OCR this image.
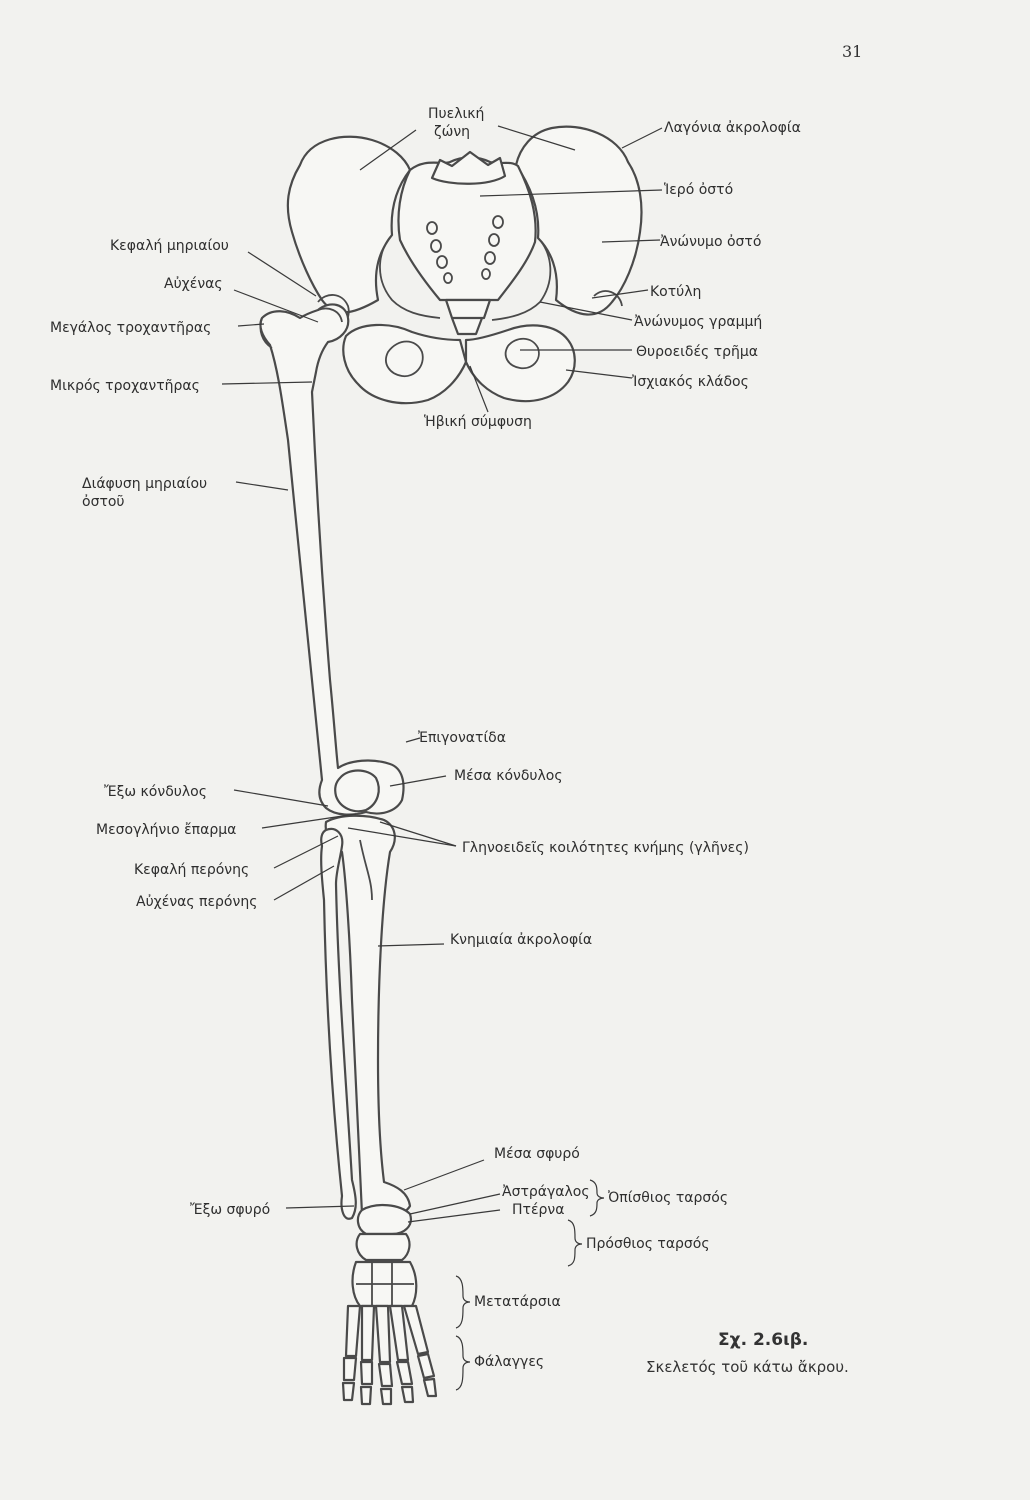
31
Πυελική
ζώνη	Λαγόνια ἀκρολοφία
Ἱερό ὀστό
Ἀνώνυμο ὀστό
Κοτύλη
Ἀνώνυμος γραμμή
Θυροειδές τρῆμα
Ἰσχιακός κλάδος
Ἡβική σύμφυση
Κεφαλή μηριαίου
Αὐχένας
Μεγάλος τροχαντῆρας
Μικρός τροχαντῆρας
Διάφυση μηριαίου
ὀστοῦ
Ἐπιγονατίδα
Μέσα κόνδυλος
Ἔξω κόνδυλος
Μεσογλήνιο ἔπαρμα
Γληνοειδεῖς κοιλότητες κνήμης (γλῆνες)
Κεφαλή περόνης
Αὐχένας περόνης
Κνημιαία ἀκρολοφία
Μέσα σφυρό
Ἔξω σφυρό
Ἀστράγαλος
Πτέρνα
Ὀπίσθιος ταρσός
Πρόσθιος ταρσός
Μετατάρσια
Φάλαγγες
Σχ. 2.6ιβ.
Σκελετός τοῦ κάτω ἄκρου.
